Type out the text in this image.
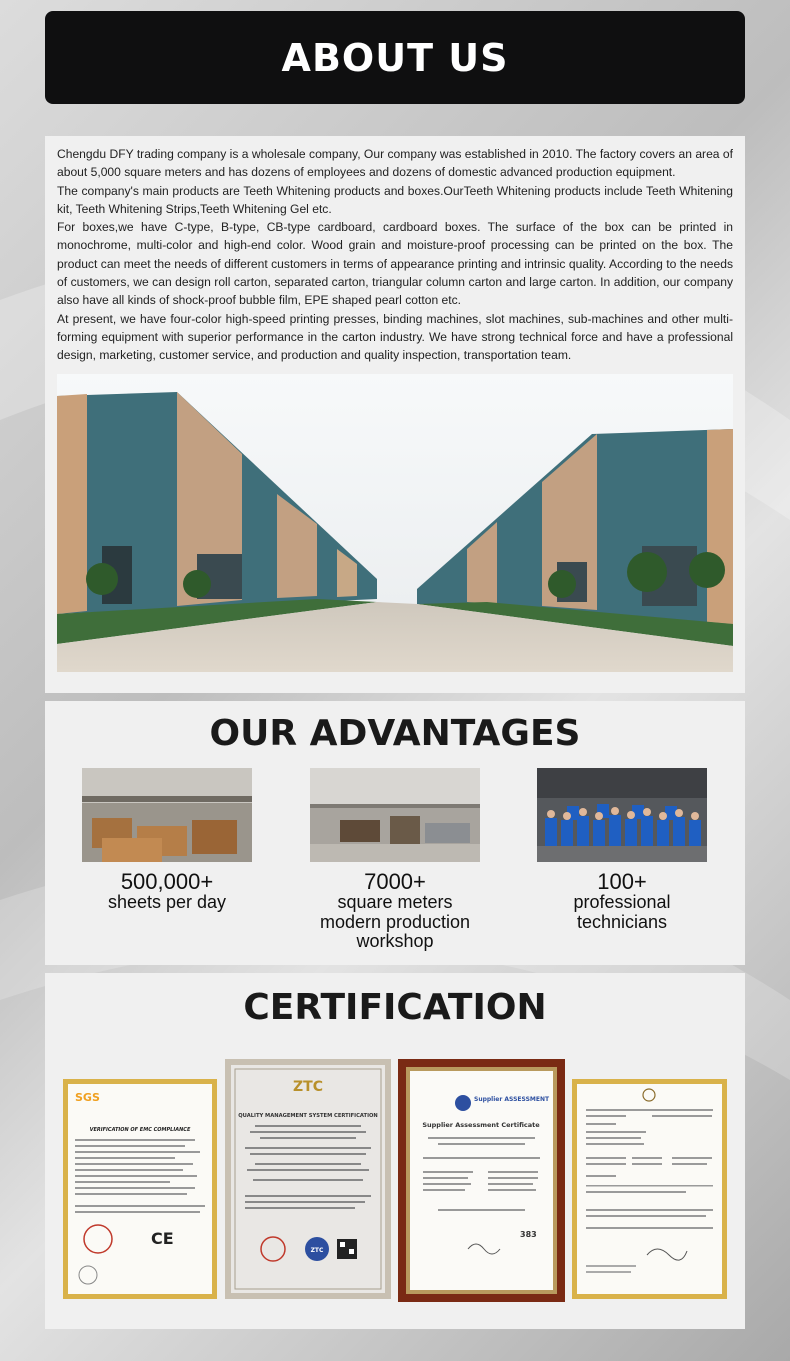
ABOUT US

Chengdu DFY trading company is a wholesale company, Our company was established in 2010. The factory covers an area of about 5,000 square meters and has dozens of employees and dozens of domestic advanced production equipment.

The company's main products are Teeth Whitening products and boxes.OurTeeth Whitening products include Teeth Whitening kit, Teeth Whitening Strips,Teeth Whitening Gel etc.

For boxes,we have C-type, B-type, CB-type cardboard, cardboard boxes. The surface of the box can be printed in monochrome, multi-color and high-end color. Wood grain and moisture-proof processing can be printed on the box. The product can meet the needs of different customers in terms of appearance printing and intrinsic quality. According to the needs of customers, we can design roll carton, separated carton, triangular column carton and large carton. In addition, our company also have all kinds of shock-proof bubble film, EPE shaped pearl cotton etc.

At present, we have four-color high-speed printing presses, binding machines, slot machines, sub-machines and other multi-forming equipment with superior performance in the carton industry. We have strong technical force and have a professional design, marketing, customer service, and production and quality inspection, transportation team.

OUR ADVANTAGES
500,000+
sheets per day
7000+
square meters
modern production
workshop
100+
professional
technicians
CERTIFICATION
SGS
VERIFICATION OF EMC COMPLIANCE
CE
ZTC
QUALITY MANAGEMENT SYSTEM CERTIFICATION
ZTC
Supplier ASSESSMENT
Supplier Assessment Certificate
383
